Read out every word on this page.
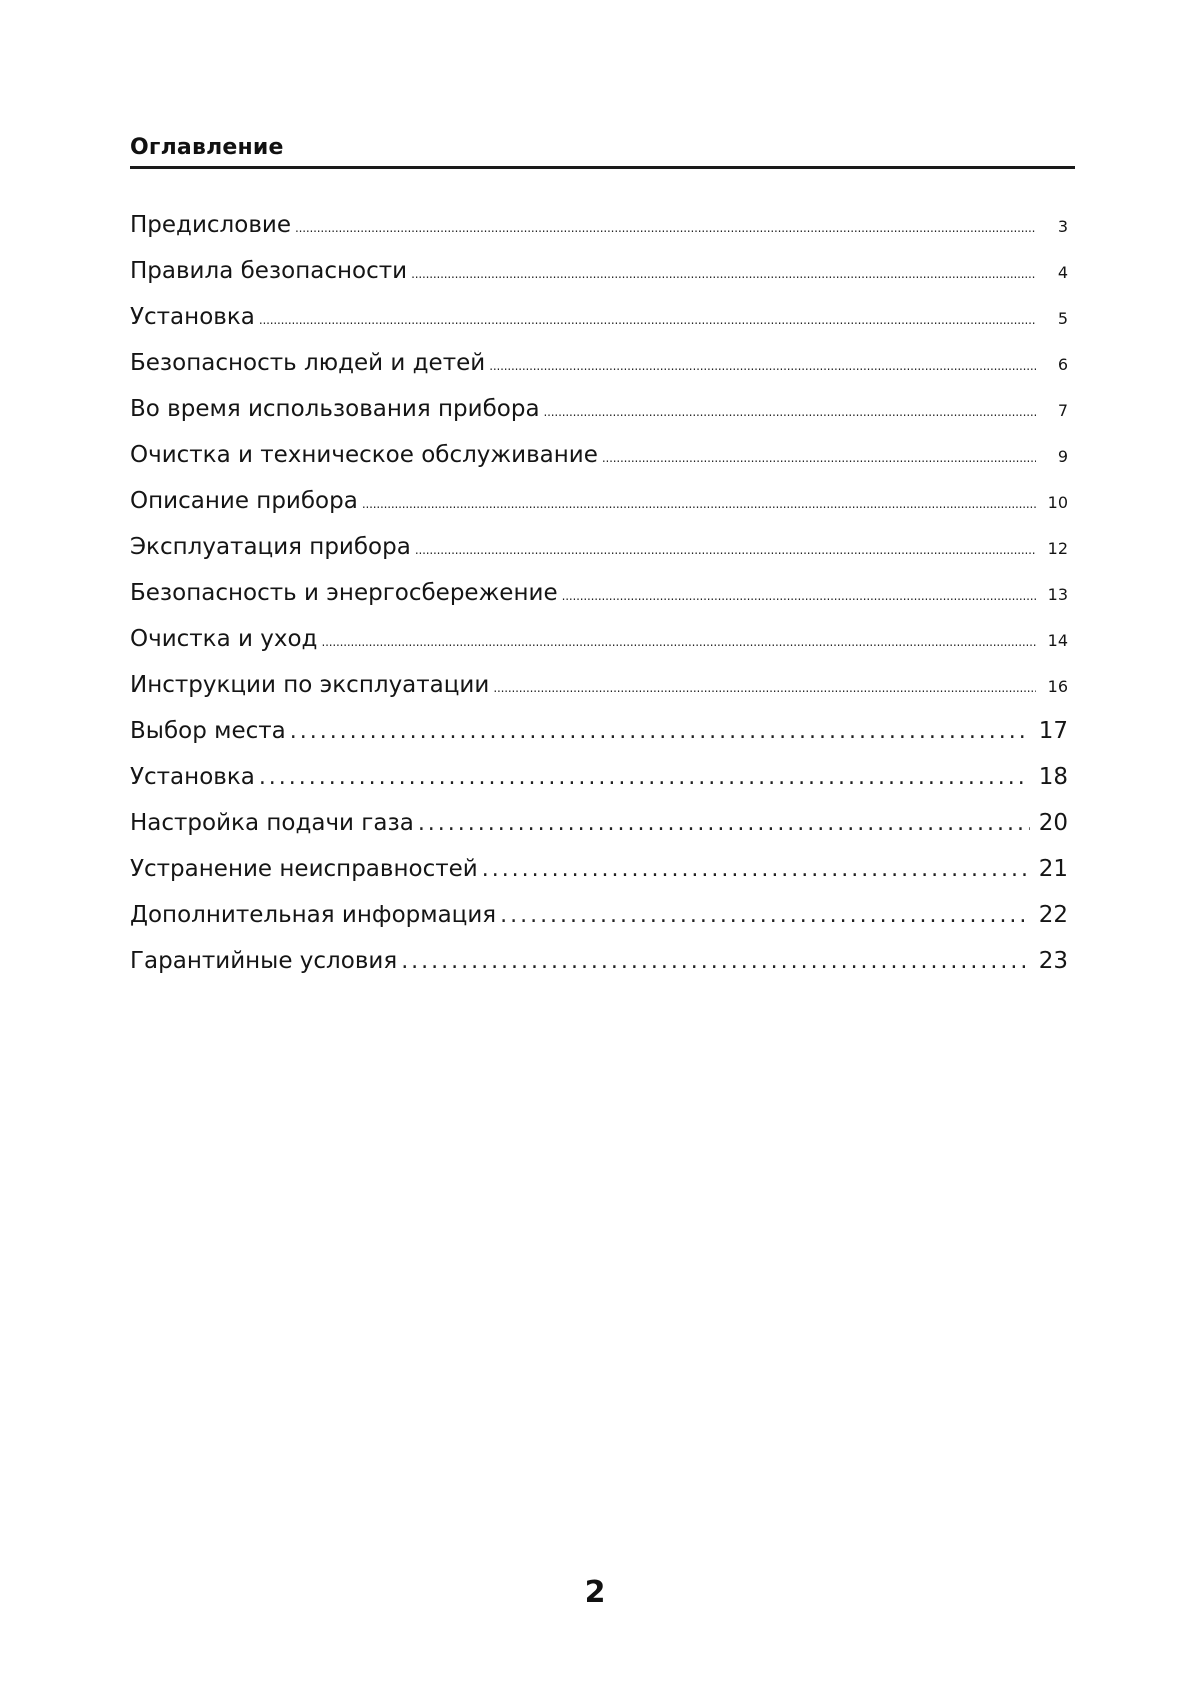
Оглавление
Предисловие . . .	3
Правила безопасности . . .	4
Установка . . .	5
Безопасность людей и детей . . .	6
Во время использования прибора . . .	7
Очистка и техническое обслуживание . . .	9
Описание прибора . . .	10
Эксплуатация прибора . . .	12
Безопасность и энергосбережение . . .	13
Очистка и уход . . .	14
Инструкции по эксплуатации . . .	16
Выбор места . . .	17
Установка . . .	18
Настройка подачи газа . . .	20
Устранение неисправностей . . .	21
Дополнительная информация . . .	22
Гарантийные условия . . .	23
2
